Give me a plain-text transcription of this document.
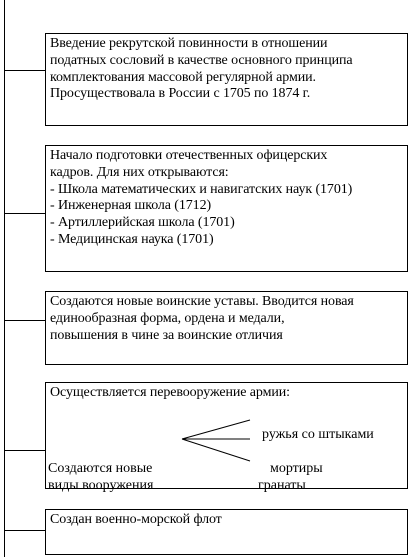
Введение рекрутской повинности в отношении
податных сословий в качестве основного принципа
комплектования массовой регулярной армии.
Просуществовала в России с 1705 по 1874 г.
Начало подготовки отечественных офицерских
кадров. Для них открываются:
- Школа математических и навигатских наук (1701)
- Инженерная школа (1712)
- Артиллерийская школа (1701)
- Медицинская наука (1701)
Создаются новые воинские уставы. Вводится новая
единообразная форма, ордена и медали,
повышения в чине за воинские отличия
Осуществляется перевооружение армии:
Создаются новые
виды вооружения
ружья со штыками
мортиры
гранаты
Создан военно-морской флот
